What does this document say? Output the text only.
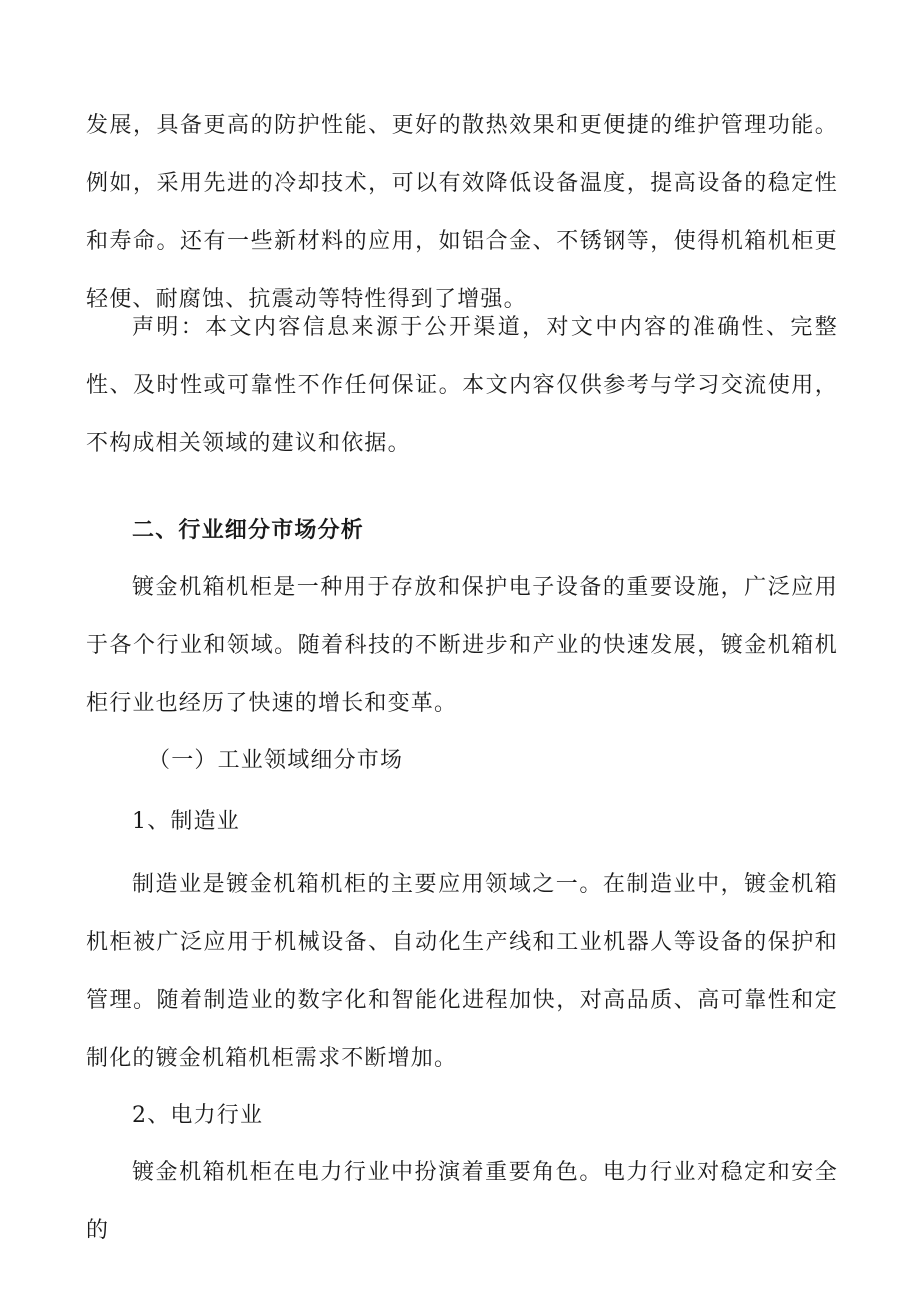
发展，具备更高的防护性能、更好的散热效果和更便捷的维护管理功能。例如，采用先进的冷却技术，可以有效降低设备温度，提高设备的稳定性和寿命。还有一些新材料的应用，如铝合金、不锈钢等，使得机箱机柜更轻便、耐腐蚀、抗震动等特性得到了增强。

声明：本文内容信息来源于公开渠道，对文中内容的准确性、完整性、及时性或可靠性不作任何保证。本文内容仅供参考与学习交流使用，不构成相关领域的建议和依据。

二、行业细分市场分析

镀金机箱机柜是一种用于存放和保护电子设备的重要设施，广泛应用于各个行业和领域。随着科技的不断进步和产业的快速发展，镀金机箱机柜行业也经历了快速的增长和变革。

（一）工业领域细分市场

1、制造业

制造业是镀金机箱机柜的主要应用领域之一。在制造业中，镀金机箱机柜被广泛应用于机械设备、自动化生产线和工业机器人等设备的保护和管理。随着制造业的数字化和智能化进程加快，对高品质、高可靠性和定制化的镀金机箱机柜需求不断增加。

2、电力行业

镀金机箱机柜在电力行业中扮演着重要角色。电力行业对稳定和安全的
